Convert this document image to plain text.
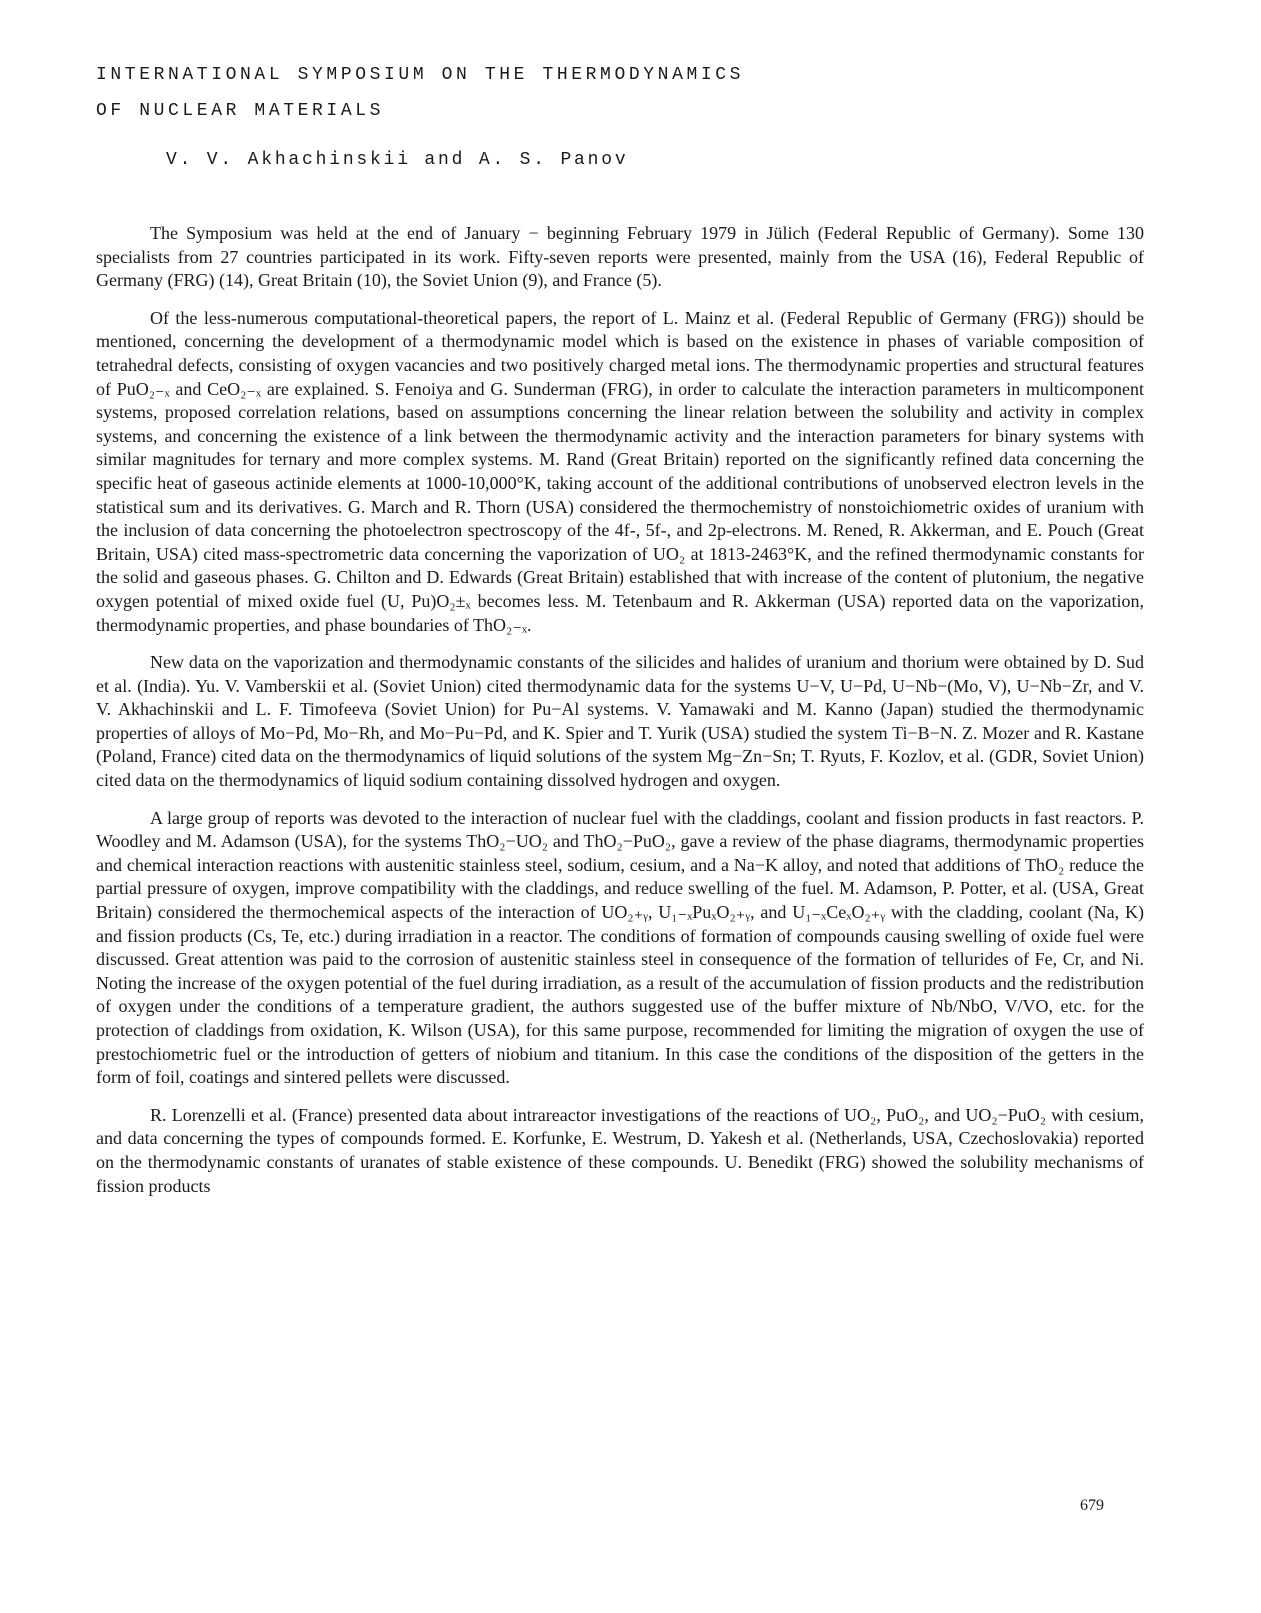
INTERNATIONAL SYMPOSIUM ON THE THERMODYNAMICS
OF NUCLEAR MATERIALS
V. V. Akhachinskii and A. S. Panov

The Symposium was held at the end of January − beginning February 1979 in Jülich (Federal Republic of Germany). Some 130 specialists from 27 countries participated in its work. Fifty-seven reports were presented, mainly from the USA (16), Federal Republic of Germany (FRG) (14), Great Britain (10), the Soviet Union (9), and France (5).

Of the less-numerous computational-theoretical papers, the report of L. Mainz et al. (Federal Republic of Germany (FRG)) should be mentioned, concerning the development of a thermodynamic model which is based on the existence in phases of variable composition of tetrahedral defects, consisting of oxygen vacancies and two positively charged metal ions. The thermodynamic properties and structural features of PuO₂₋ₓ and CeO₂₋ₓ are explained. S. Fenoiya and G. Sunderman (FRG), in order to calculate the interaction parameters in multicomponent systems, proposed correlation relations, based on assumptions concerning the linear relation between the solubility and activity in complex systems, and concerning the existence of a link between the thermodynamic activity and the interaction parameters for binary systems with similar magnitudes for ternary and more complex systems. M. Rand (Great Britain) reported on the significantly refined data concerning the specific heat of gaseous actinide elements at 1000-10,000°K, taking account of the additional contributions of unobserved electron levels in the statistical sum and its derivatives. G. March and R. Thorn (USA) considered the thermochemistry of nonstoichiometric oxides of uranium with the inclusion of data concerning the photoelectron spectroscopy of the 4f-, 5f-, and 2p-electrons. M. Rened, R. Akkerman, and E. Pouch (Great Britain, USA) cited mass-spectrometric data concerning the vaporization of UO₂ at 1813-2463°K, and the refined thermodynamic constants for the solid and gaseous phases. G. Chilton and D. Edwards (Great Britain) established that with increase of the content of plutonium, the negative oxygen potential of mixed oxide fuel (U, Pu)O₂±ₓ becomes less. M. Tetenbaum and R. Akkerman (USA) reported data on the vaporization, thermodynamic properties, and phase boundaries of ThO₂₋ₓ.

New data on the vaporization and thermodynamic constants of the silicides and halides of uranium and thorium were obtained by D. Sud et al. (India). Yu. V. Vamberskii et al. (Soviet Union) cited thermodynamic data for the systems U−V, U−Pd, U−Nb−(Mo, V), U−Nb−Zr, and V. V. Akhachinskii and L. F. Timofeeva (Soviet Union) for Pu−Al systems. V. Yamawaki and M. Kanno (Japan) studied the thermodynamic properties of alloys of Mo−Pd, Mo−Rh, and Mo−Pu−Pd, and K. Spier and T. Yurik (USA) studied the system Ti−B−N. Z. Mozer and R. Kastane (Poland, France) cited data on the thermodynamics of liquid solutions of the system Mg−Zn−Sn; T. Ryuts, F. Kozlov, et al. (GDR, Soviet Union) cited data on the thermodynamics of liquid sodium containing dissolved hydrogen and oxygen.

A large group of reports was devoted to the interaction of nuclear fuel with the claddings, coolant and fission products in fast reactors. P. Woodley and M. Adamson (USA), for the systems ThO₂−UO₂ and ThO₂−PuO₂, gave a review of the phase diagrams, thermodynamic properties and chemical interaction reactions with austenitic stainless steel, sodium, cesium, and a Na−K alloy, and noted that additions of ThO₂ reduce the partial pressure of oxygen, improve compatibility with the claddings, and reduce swelling of the fuel. M. Adamson, P. Potter, et al. (USA, Great Britain) considered the thermochemical aspects of the interaction of UO₂₊ᵧ, U₁₋ₓPuₓO₂₊ᵧ, and U₁₋ₓCeₓO₂₊ᵧ with the cladding, coolant (Na, K) and fission products (Cs, Te, etc.) during irradiation in a reactor. The conditions of formation of compounds causing swelling of oxide fuel were discussed. Great attention was paid to the corrosion of austenitic stainless steel in consequence of the formation of tellurides of Fe, Cr, and Ni. Noting the increase of the oxygen potential of the fuel during irradiation, as a result of the accumulation of fission products and the redistribution of oxygen under the conditions of a temperature gradient, the authors suggested use of the buffer mixture of Nb/NbO, V/VO, etc. for the protection of claddings from oxidation, K. Wilson (USA), for this same purpose, recommended for limiting the migration of oxygen the use of prestochiometric fuel or the introduction of getters of niobium and titanium. In this case the conditions of the disposition of the getters in the form of foil, coatings and sintered pellets were discussed.

R. Lorenzelli et al. (France) presented data about intrareactor investigations of the reactions of UO₂, PuO₂, and UO₂−PuO₂ with cesium, and data concerning the types of compounds formed. E. Korfunke, E. Westrum, D. Yakesh et al. (Netherlands, USA, Czechoslovakia) reported on the thermodynamic constants of uranates of stable existence of these compounds. U. Benedikt (FRG) showed the solubility mechanisms of fission products

679
